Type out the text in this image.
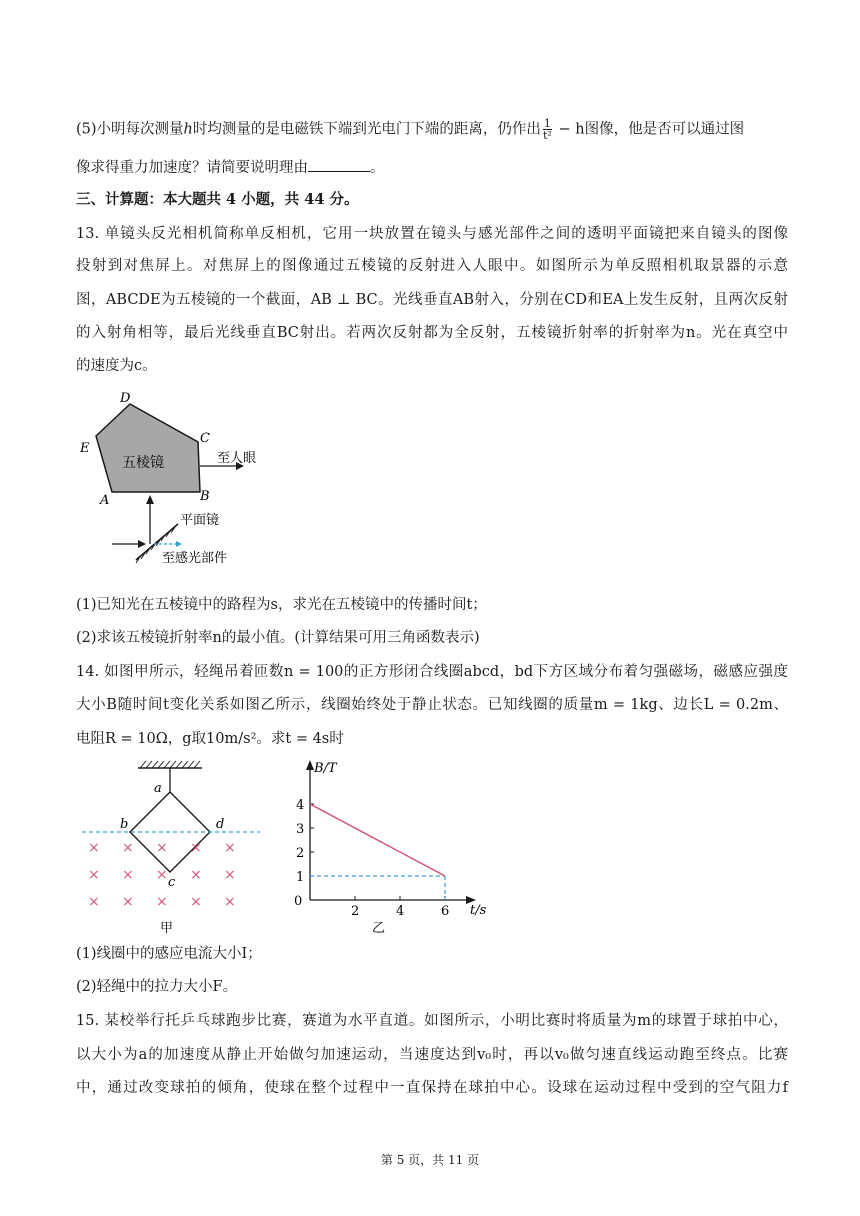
(5)小明每次测量h时均测量的是电磁铁下端到光电门下端的距离，仍作出 $\frac{1}{\text{t²}} - h$图像，他是否可以通过图
像求得重力加速度？请简要说明理由	。
三、计算题：本大题共 4 小题，共 44 分。
13. 单镜头反光相机简称单反相机，它用一块放置在镜头与感光部件之间的透明平面镜把来自镜头的图像
投射到对焦屏上。对焦屏上的图像通过五棱镜的反射进入人眼中。如图所示为单反照相机取景器的示意
图，ABCDE为五棱镜的一个截面，AB ⊥ BC。光线垂直AB射入，分别在CD和EA上发生反射，且两次反射
的入射角相等，最后光线垂直BC射出。若两次反射都为全反射，五棱镜折射率的折射率为n。光在真空中
的速度为c。
D
E
C
A	B
五棱镜	至人眼
平面镜
至感光部件
(1)已知光在五棱镜中的路程为s，求光在五棱镜中的传播时间t；
(2)求该五棱镜折射率n的最小值。(计算结果可用三角函数表示)
14. 如图甲所示，轻绳吊着匝数n = 100的正方形闭合线圈abcd，bd下方区域分布着匀强磁场，磁感应强度
大小B随时间t变化关系如图乙所示，线圈始终处于静止状态。已知线圈的质量m = 1kg、边长L = 0.2m、
电阻R = 10Ω，g取10m/s²。求t = 4s时
a
b	d
c
× × × × ×
× × × × ×
× × × × ×
甲
B/T
t/s
0
1
2
3
4
2	4	6
乙
(1)线圈中的感应电流大小I；
(2)轻绳中的拉力大小F。
15. 某校举行托乒乓球跑步比赛，赛道为水平直道。如图所示，小明比赛时将质量为m的球置于球拍中心，
以大小为a的加速度从静止开始做匀加速运动，当速度达到v₀时，再以v₀做匀速直线运动跑至终点。比赛
中，通过改变球拍的倾角，使球在整个过程中一直保持在球拍中心。设球在运动过程中受到的空气阻力f
第 5 页，共 11 页
